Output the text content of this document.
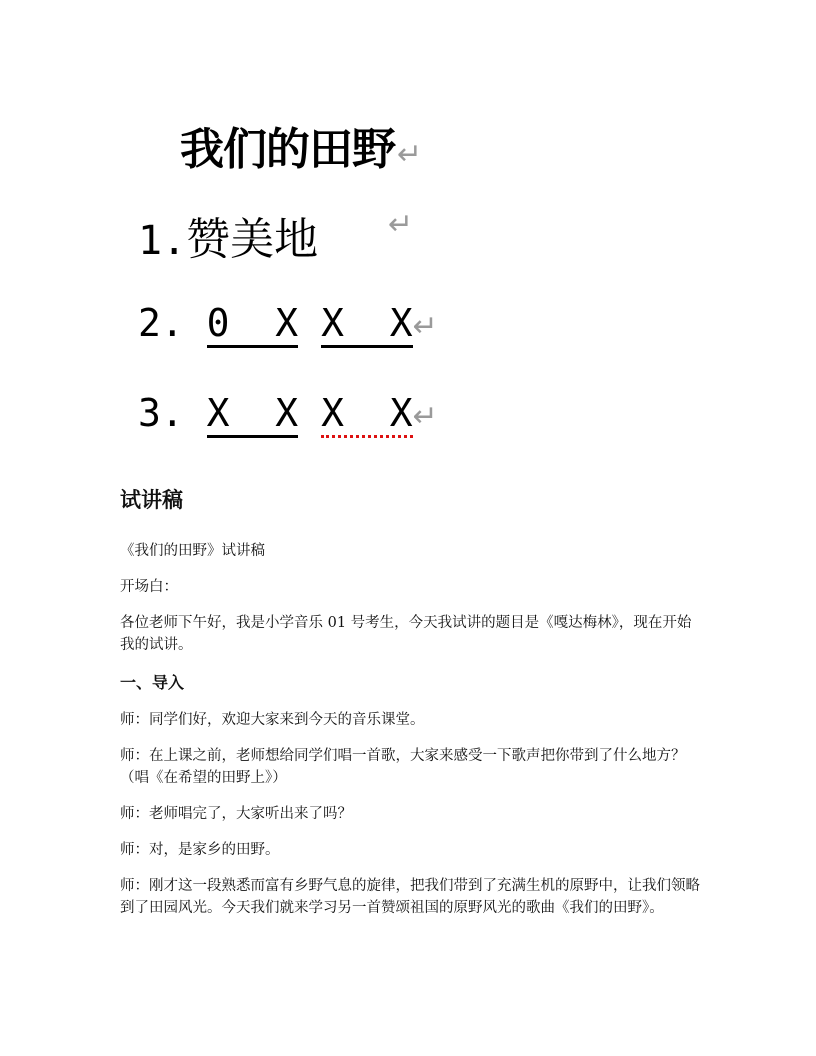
我们的田野↵
1.赞美地 ↵
2. 0  X X  X↵
3. X  X X  X↵
试讲稿
《我们的田野》试讲稿
开场白：
各位老师下午好，我是小学音乐 01 号考生，今天我试讲的题目是《嘎达梅林》，现在开始我的试讲。
一、导入
师：同学们好，欢迎大家来到今天的音乐课堂。
师：在上课之前，老师想给同学们唱一首歌，大家来感受一下歌声把你带到了什么地方？（唱《在希望的田野上》）
师：老师唱完了，大家听出来了吗？
师：对，是家乡的田野。
师：刚才这一段熟悉而富有乡野气息的旋律，把我们带到了充满生机的原野中，让我们领略到了田园风光。今天我们就来学习另一首赞颂祖国的原野风光的歌曲《我们的田野》。
